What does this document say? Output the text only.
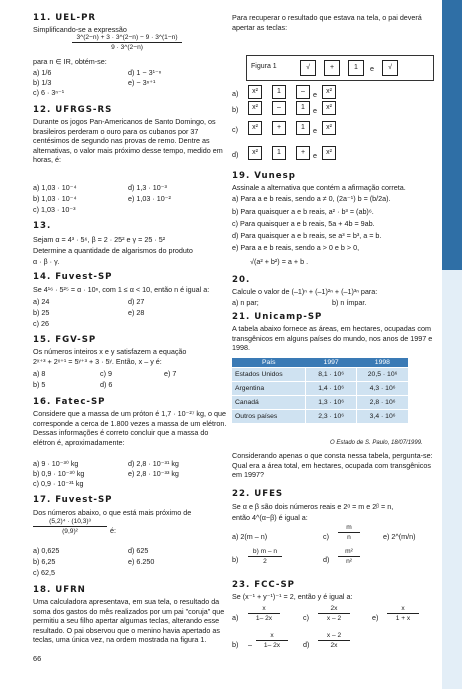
11. UEL-PR
Simplificando-se a expressão
$\frac{3\^{}(2-n) + 3 \cdot 3\^{}(2-n) - 9 \cdot 3\^{}(1-n)}{9 \cdot 3\^{}(2-n)}$
para n ∈ IR, obtém-se:
a) 1/6
b) 1/3
c) 6 · 3ⁿ⁻¹
d) 1 − 3¹⁻ⁿ
e) − 3ⁿ⁺¹
12. UFRGS-RS
Durante os jogos Pan-Americanos de Santo Domingo, os brasileiros perderam o ouro para os cubanos por 37 centésimos de segundo nas provas de remo. Dentre as alternativas, o valor mais próximo desse tempo, medido em horas, é:
a) 1,03 · 10⁻⁴
b) 1,03 · 10⁻⁴
c) 1,03 · 10⁻³
d) 1,3 · 10⁻³
e) 1,03 · 10⁻²
13.
Sejam α = 4³ · 5⁶, β = 2 · 25² e γ = 25 · 5²
Determine a quantidade de algarismos do produto
α · β · γ.
14. Fuvest-SP
Se 4¹⁶ · 5²⁵ = α · 10ⁿ, com 1 ≤ α < 10, então n é igual a:
a) 24
b) 25
c) 26
d) 27
e) 28
15. FGV-SP
Os números inteiros x e y satisfazem a equação
2ˣ⁺³ + 2ˣ⁺¹ = 5ʸ⁺³ + 3 · 5ʸ. Então, x – y é:
a) 8
b) 5
c) 9
d) 6
e) 7
16. Fatec-SP
Considere que a massa de um próton é 1,7 · 10⁻²⁷ kg, o que corresponde a cerca de 1.800 vezes a massa de um elétron. Dessas informações é correto concluir que a massa do elétron é, aproximadamente:
a) 9 · 10⁻³⁰ kg
b) 0,9 · 10⁻³⁰ kg
c) 0,9 · 10⁻³¹ kg
d) 2,8 · 10⁻³¹ kg
e) 2,8 · 10⁻³³ kg
17. Fuvest-SP
Dos números abaixo, o que está mais próximo de
$\frac{\text{(5,2)⁴ · (10,3)³}}{\text{(9,9)²}}$ é:
a) 0,625
b) 6,25
c) 62,5
d) 625
e) 6.250
18. UFRN
Uma calculadora apresentava, em sua tela, o resultado da soma dos gastos do mês realizados por um pai "coruja" que permitiu a seu filho apertar algumas teclas, alterando esse resultado. O pai observou que o menino havia apertado as teclas, uma única vez, na ordem mostrada na figura 1.
66
Para recuperar o resultado que estava na tela, o pai deverá apertar as teclas:
Figura 1	√	+	1	e	√
a)	x²	1	–	e	x²
b)	x²	–	1	e	x²
c)	x²	+	1	e	x²
d)	x²	1	+	e	x²
19. Vunesp
Assinale a alternativa que contém a afirmação correta.
a) Para a e b reais, sendo a ≠ 0, (2a⁻¹) b = (b/2a).
b) Para quaisquer a e b reais, a² · b³ = (ab)⁶.
c) Para quaisquer a e b reais, 5a + 4b = 9ab.
d) Para quaisquer a e b reais, se a³ = b³, a = b.
e) Para a e b reais, sendo a > 0 e b > 0,
√(a² + b²) = a + b .
20.
Calcule o valor de (–1)ⁿ + (–1)²ⁿ + (–1)³ⁿ para:
a) n par;	b) n ímpar.
21. Unicamp-SP
A tabela abaixo fornece as áreas, em hectares, ocupadas com transgênicos em alguns países do mundo, nos anos de 1997 e 1998.
País	1997	1998
Estados Unidos	8,1 · 10⁶	20,5 · 10⁶
Argentina	1,4 · 10⁶	4,3 · 10⁶
Canadá	1,3 · 10⁶	2,8 · 10⁶
Outros países	2,3 · 10⁶	3,4 · 10⁶
O Estado de S. Paulo, 18/07/1999.
Considerando apenas o que consta nessa tabela, pergunta-se: Qual era a área total, em hectares, ocupada com transgênicos em 1997?
22. UFES
Se α e β são dois números reais e 2ᵅ = m e 2ᵝ = n,
então 4^(α−β) é igual a:
a) 2(m – n)	$c) \frac{m}{n}$	e) 2^(m/n)
$b) \frac{b) m - n}{2}$	$d) \frac{\text{m²}}{\text{n²}}$
23. FCC-SP
Se (x⁻¹ + y⁻¹)⁻¹ = 2, então y é igual a:
$a) \frac{x}{1- 2x}$	$c) \frac{2x}{x - 2}$	$e) \frac{x}{1 + x}$
$b) - \frac{x}{1- 2x} d) \frac{x - 2}{2x}$
